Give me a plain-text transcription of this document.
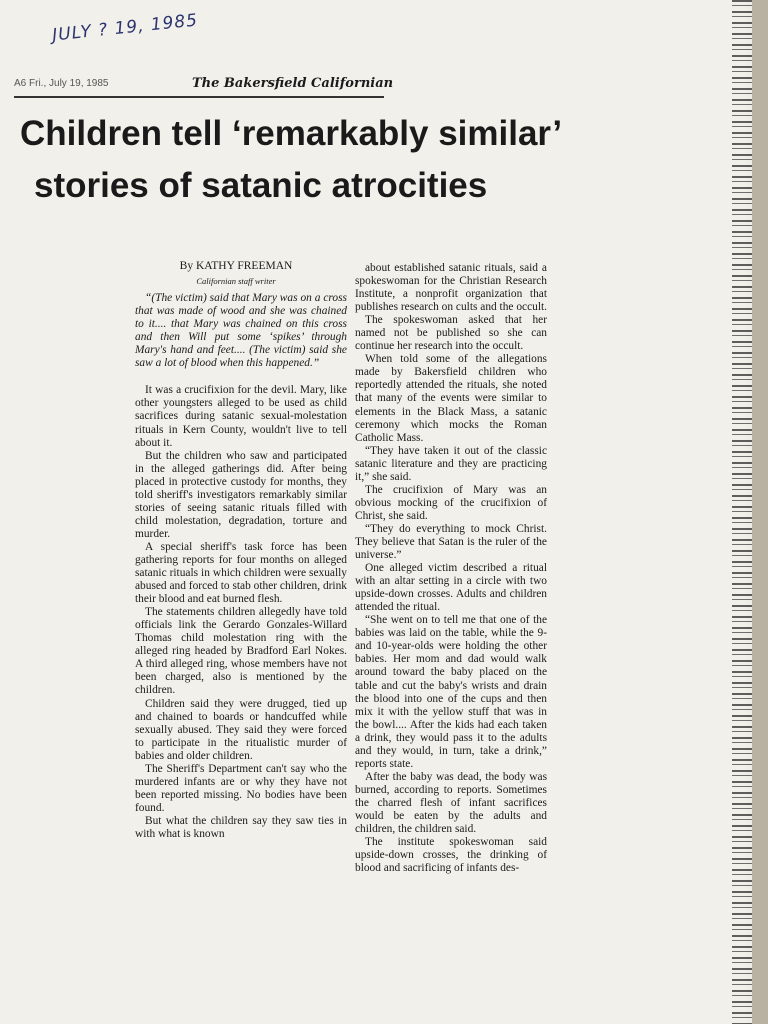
JULY ? 19, 1985
A6 Fri., July 19, 1985	The Bakersfield Californian
Children tell ‘remarkably similar’
stories of satanic atrocities
By KATHY FREEMAN
Californian staff writer

“(The victim) said that Mary was on a cross that was made of wood and she was chained to it.... that Mary was chained on this cross and then Will put some ‘spikes’ through Mary's hand and feet.... (The victim) said she saw a lot of blood when this happened.”

It was a crucifixion for the devil. Mary, like other youngsters alleged to be used as child sacrifices during satanic sexual-molestation rituals in Kern County, wouldn't live to tell about it.

But the children who saw and participated in the alleged gatherings did. After being placed in protective custody for months, they told sheriff's investigators remarkably similar stories of seeing satanic rituals filled with child molestation, degradation, torture and murder.

A special sheriff's task force has been gathering reports for four months on alleged satanic rituals in which children were sexually abused and forced to stab other children, drink their blood and eat burned flesh.

The statements children allegedly have told officials link the Gerardo Gonzales-Willard Thomas child molestation ring with the alleged ring headed by Bradford Earl Nokes. A third alleged ring, whose members have not been charged, also is mentioned by the children.

Children said they were drugged, tied up and chained to boards or handcuffed while sexually abused. They said they were forced to participate in the ritualistic murder of babies and older children.

The Sheriff's Department can't say who the murdered infants are or why they have not been reported missing. No bodies have been found.

But what the children say they saw ties in with what is known

about established satanic rituals, said a spokeswoman for the Christian Research Institute, a nonprofit organization that publishes research on cults and the occult.

The spokeswoman asked that her named not be published so she can continue her research into the occult.

When told some of the allegations made by Bakersfield children who reportedly attended the rituals, she noted that many of the events were similar to elements in the Black Mass, a satanic ceremony which mocks the Roman Catholic Mass.

“They have taken it out of the classic satanic literature and they are practicing it,” she said.

The crucifixion of Mary was an obvious mocking of the crucifixion of Christ, she said.

“They do everything to mock Christ. They believe that Satan is the ruler of the universe.”

One alleged victim described a ritual with an altar setting in a circle with two upside-down crosses. Adults and children attended the ritual.

“She went on to tell me that one of the babies was laid on the table, while the 9- and 10-year-olds were holding the other babies. Her mom and dad would walk around toward the baby placed on the table and cut the baby's wrists and drain the blood into one of the cups and then mix it with the yellow stuff that was in the bowl.... After the kids had each taken a drink, they would pass it to the adults and they would, in turn, take a drink,” reports state.

After the baby was dead, the body was burned, according to reports. Sometimes the charred flesh of infant sacrifices would be eaten by the adults and children, the children said.

The institute spokeswoman said upside-down crosses, the drinking of blood and sacrificing of infants des-
